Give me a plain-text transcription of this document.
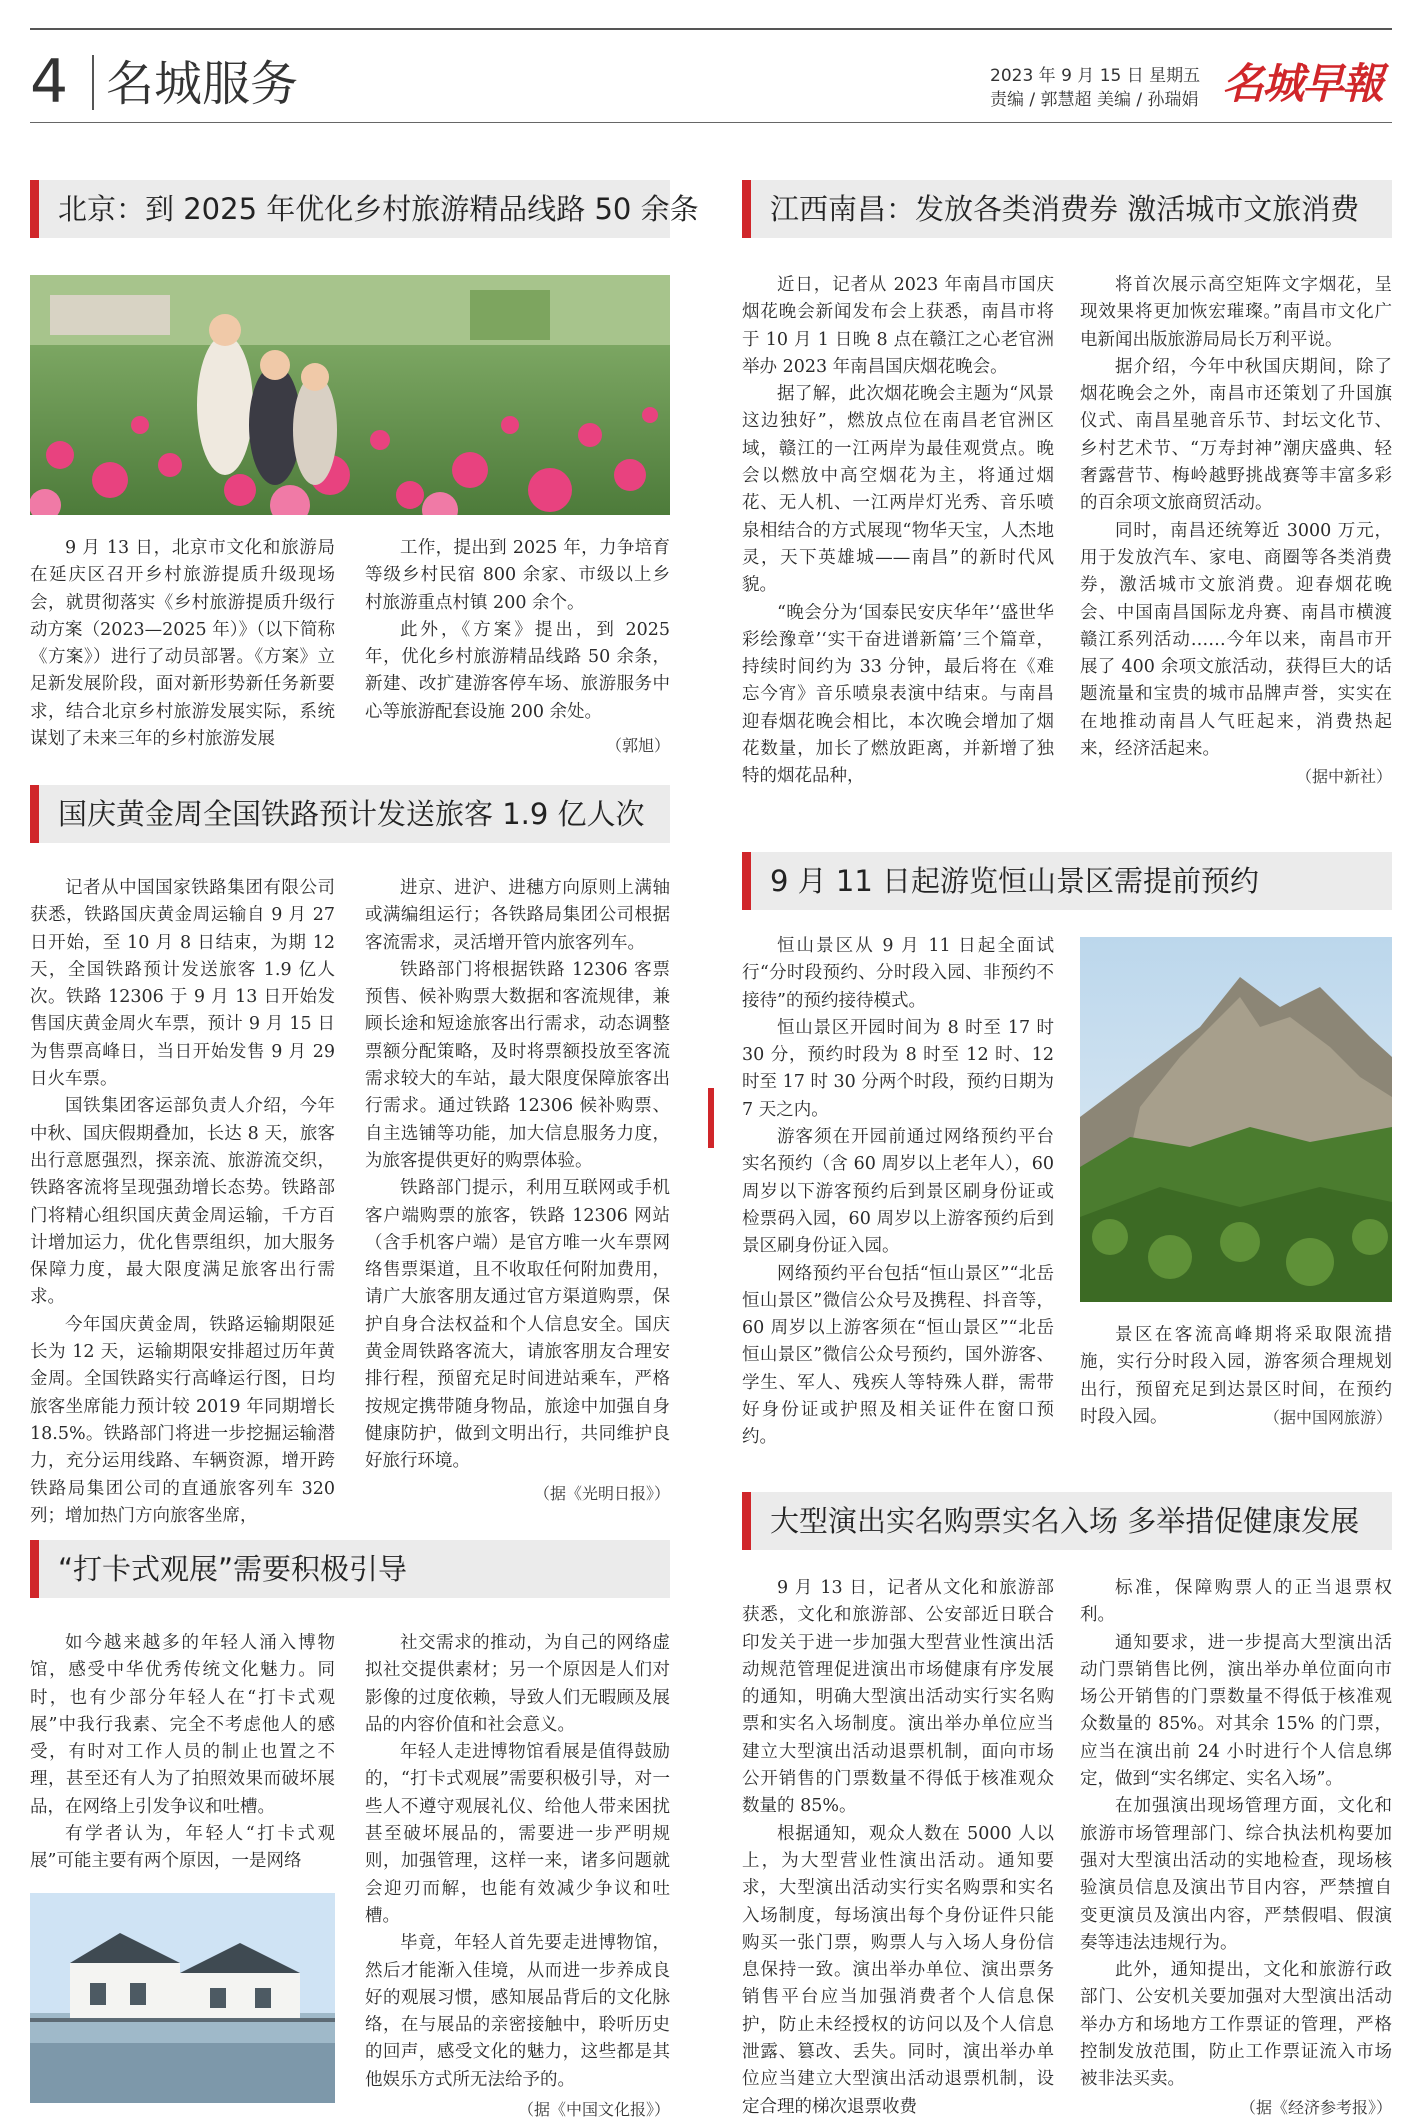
4 名城服务	2023 年 9 月 15 日 星期五
责编 / 郭慧超 美编 / 孙瑞娟 名城早報
北京：到 2025 年优化乡村旅游精品线路 50 余条

9 月 13 日，北京市文化和旅游局在延庆区召开乡村旅游提质升级现场会，就贯彻落实《乡村旅游提质升级行动方案（2023—2025 年）》（以下简称《方案》）进行了动员部署。《方案》立足新发展阶段，面对新形势新任务新要求，结合北京乡村旅游发展实际，系统谋划了未来三年的乡村旅游发展

工作，提出到 2025 年，力争培育等级乡村民宿 800 余家、市级以上乡村旅游重点村镇 200 余个。

此外，《方案》提出，到 2025 年，优化乡村旅游精品线路 50 余条，新建、改扩建游客停车场、旅游服务中心等旅游配套设施 200 余处。

（郭旭）
国庆黄金周全国铁路预计发送旅客 1.9 亿人次

记者从中国国家铁路集团有限公司获悉，铁路国庆黄金周运输自 9 月 27 日开始，至 10 月 8 日结束，为期 12 天，全国铁路预计发送旅客 1.9 亿人次。铁路 12306 于 9 月 13 日开始发售国庆黄金周火车票，预计 9 月 15 日为售票高峰日，当日开始发售 9 月 29 日火车票。

国铁集团客运部负责人介绍，今年中秋、国庆假期叠加，长达 8 天，旅客出行意愿强烈，探亲流、旅游流交织，铁路客流将呈现强劲增长态势。铁路部门将精心组织国庆黄金周运输，千方百计增加运力，优化售票组织，加大服务保障力度，最大限度满足旅客出行需求。

今年国庆黄金周，铁路运输期限延长为 12 天，运输期限安排超过历年黄金周。全国铁路实行高峰运行图，日均旅客坐席能力预计较 2019 年同期增长 18.5%。铁路部门将进一步挖掘运输潜力，充分运用线路、车辆资源，增开跨铁路局集团公司的直通旅客列车 320 列；增加热门方向旅客坐席，

进京、进沪、进穗方向原则上满轴或满编组运行；各铁路局集团公司根据客流需求，灵活增开管内旅客列车。

铁路部门将根据铁路 12306 客票预售、候补购票大数据和客流规律，兼顾长途和短途旅客出行需求，动态调整票额分配策略，及时将票额投放至客流需求较大的车站，最大限度保障旅客出行需求。通过铁路 12306 候补购票、自主选铺等功能，加大信息服务力度，为旅客提供更好的购票体验。

铁路部门提示，利用互联网或手机客户端购票的旅客，铁路 12306 网站（含手机客户端）是官方唯一火车票网络售票渠道，且不收取任何附加费用，请广大旅客朋友通过官方渠道购票，保护自身合法权益和个人信息安全。国庆黄金周铁路客流大，请旅客朋友合理安排行程，预留充足时间进站乘车，严格按规定携带随身物品，旅途中加强自身健康防护，做到文明出行，共同维护良好旅行环境。

（据《光明日报》）
“打卡式观展”需要积极引导

如今越来越多的年轻人涌入博物馆，感受中华优秀传统文化魅力。同时，也有少部分年轻人在“打卡式观展”中我行我素、完全不考虑他人的感受，有时对工作人员的制止也置之不理，甚至还有人为了拍照效果而破坏展品，在网络上引发争议和吐槽。

有学者认为，年轻人“打卡式观展”可能主要有两个原因，一是网络

社交需求的推动，为自己的网络虚拟社交提供素材；另一个原因是人们对影像的过度依赖，导致人们无暇顾及展品的内容价值和社会意义。

年轻人走进博物馆看展是值得鼓励的，“打卡式观展”需要积极引导，对一些人不遵守观展礼仪、给他人带来困扰甚至破坏展品的，需要进一步严明规则，加强管理，这样一来，诸多问题就会迎刃而解，也能有效减少争议和吐槽。

毕竟，年轻人首先要走进博物馆，然后才能渐入佳境，从而进一步养成良好的观展习惯，感知展品背后的文化脉络，在与展品的亲密接触中，聆听历史的回声，感受文化的魅力，这些都是其他娱乐方式所无法给予的。

（据《中国文化报》）
江西南昌：发放各类消费券 激活城市文旅消费

近日，记者从 2023 年南昌市国庆烟花晚会新闻发布会上获悉，南昌市将于 10 月 1 日晚 8 点在赣江之心老官洲举办 2023 年南昌国庆烟花晚会。

据了解，此次烟花晚会主题为“风景这边独好”，燃放点位在南昌老官洲区域，赣江的一江两岸为最佳观赏点。晚会以燃放中高空烟花为主，将通过烟花、无人机、一江两岸灯光秀、音乐喷泉相结合的方式展现“物华天宝，人杰地灵，天下英雄城——南昌”的新时代风貌。

“晚会分为‘国泰民安庆华年’‘盛世华彩绘豫章’‘实干奋进谱新篇’三个篇章，持续时间约为 33 分钟，最后将在《难忘今宵》音乐喷泉表演中结束。与南昌迎春烟花晚会相比，本次晚会增加了烟花数量，加长了燃放距离，并新增了独特的烟花品种，

将首次展示高空矩阵文字烟花，呈现效果将更加恢宏璀璨。”南昌市文化广电新闻出版旅游局局长万利平说。

据介绍，今年中秋国庆期间，除了烟花晚会之外，南昌市还策划了升国旗仪式、南昌星驰音乐节、封坛文化节、乡村艺术节、“万寿封神”潮庆盛典、轻奢露营节、梅岭越野挑战赛等丰富多彩的百余项文旅商贸活动。

同时，南昌还统筹近 3000 万元，用于发放汽车、家电、商圈等各类消费券，激活城市文旅消费。迎春烟花晚会、中国南昌国际龙舟赛、南昌市横渡赣江系列活动……今年以来，南昌市开展了 400 余项文旅活动，获得巨大的话题流量和宝贵的城市品牌声誉，实实在在地推动南昌人气旺起来，消费热起来，经济活起来。

（据中新社）
9 月 11 日起游览恒山景区需提前预约

恒山景区从 9 月 11 日起全面试行“分时段预约、分时段入园、非预约不接待”的预约接待模式。

恒山景区开园时间为 8 时至 17 时 30 分，预约时段为 8 时至 12 时、12 时至 17 时 30 分两个时段，预约日期为 7 天之内。

游客须在开园前通过网络预约平台实名预约（含 60 周岁以上老年人），60 周岁以下游客预约后到景区刷身份证或检票码入园，60 周岁以上游客预约后到景区刷身份证入园。

网络预约平台包括“恒山景区”“北岳恒山景区”微信公众号及携程、抖音等，60 周岁以上游客须在“恒山景区”“北岳恒山景区”微信公众号预约，国外游客、学生、军人、残疾人等特殊人群，需带好身份证或护照及相关证件在窗口预约。

景区在客流高峰期将采取限流措施，实行分时段入园，游客须合理规划出行，预留充足到达景区时间，在预约时段入园。	（据中国网旅游）
大型演出实名购票实名入场 多举措促健康发展

9 月 13 日，记者从文化和旅游部获悉，文化和旅游部、公安部近日联合印发关于进一步加强大型营业性演出活动规范管理促进演出市场健康有序发展的通知，明确大型演出活动实行实名购票和实名入场制度。演出举办单位应当建立大型演出活动退票机制，面向市场公开销售的门票数量不得低于核准观众数量的 85%。

根据通知，观众人数在 5000 人以上，为大型营业性演出活动。通知要求，大型演出活动实行实名购票和实名入场制度，每场演出每个身份证件只能购买一张门票，购票人与入场人身份信息保持一致。演出举办单位、演出票务销售平台应当加强消费者个人信息保护，防止未经授权的访问以及个人信息泄露、篡改、丢失。同时，演出举办单位应当建立大型演出活动退票机制，设定合理的梯次退票收费

标准，保障购票人的正当退票权利。

通知要求，进一步提高大型演出活动门票销售比例，演出举办单位面向市场公开销售的门票数量不得低于核准观众数量的 85%。对其余 15% 的门票，应当在演出前 24 小时进行个人信息绑定，做到“实名绑定、实名入场”。

在加强演出现场管理方面，文化和旅游市场管理部门、综合执法机构要加强对大型演出活动的实地检查，现场核验演员信息及演出节目内容，严禁擅自变更演员及演出内容，严禁假唱、假演奏等违法违规行为。

此外，通知提出，文化和旅游行政部门、公安机关要加强对大型演出活动举办方和场地方工作票证的管理，严格控制发放范围，防止工作票证流入市场被非法买卖。

（据《经济参考报》）
